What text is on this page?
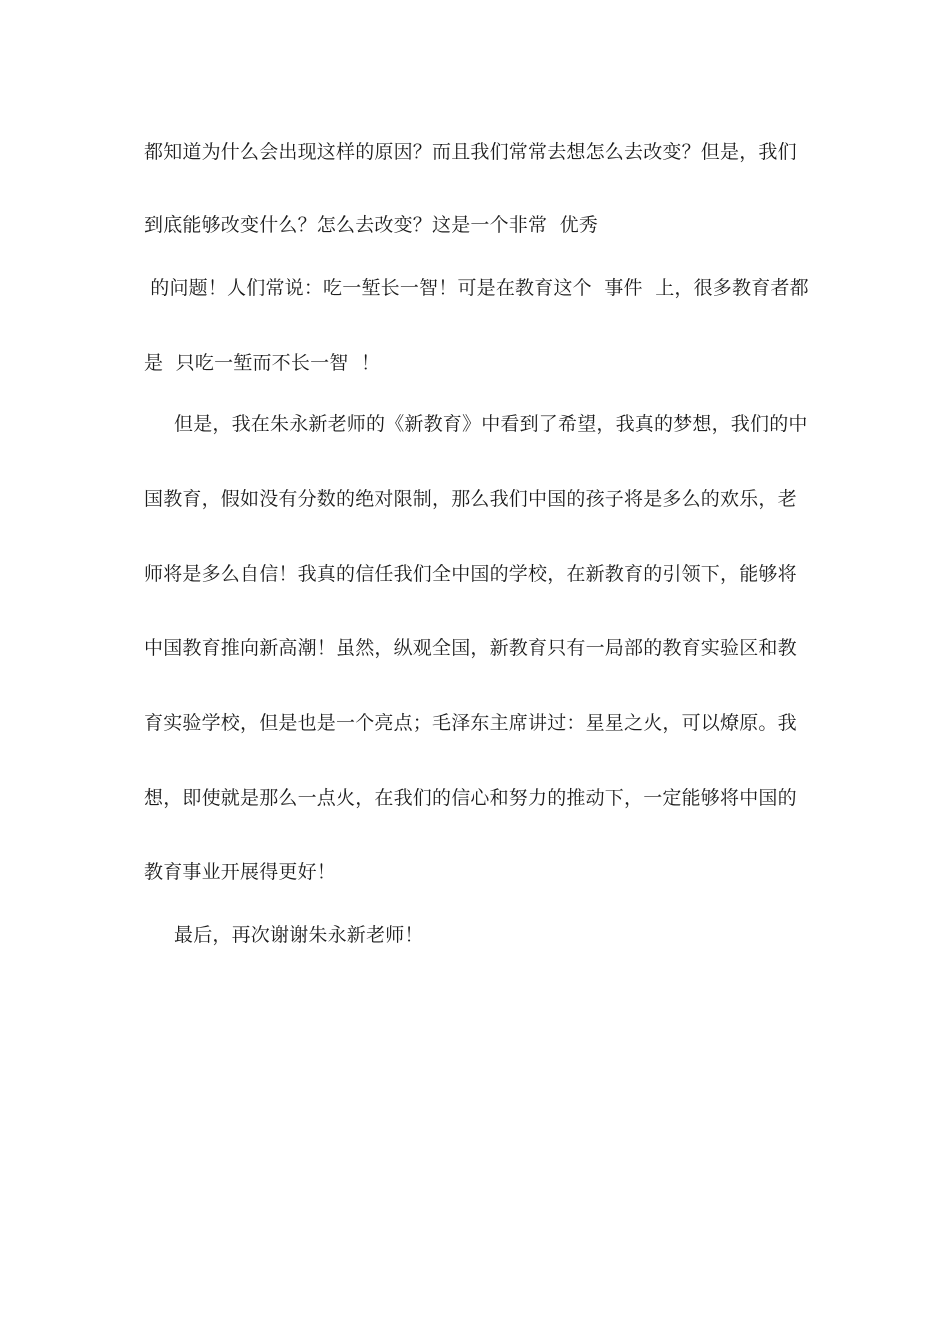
都知道为什么会出现这样的原因？而且我们常常去想怎么去改变？但是，我们
到底能够改变什么？怎么去改变？这是一个非常  优秀
的问题！人们常说：吃一堑长一智！可是在教育这个  事件  上，很多教育者都
是  只吃一堑而不长一智  ！
但是，我在朱永新老师的《新教育》中看到了希望，我真的梦想，我们的中
国教育，假如没有分数的绝对限制，那么我们中国的孩子将是多么的欢乐，老
师将是多么自信！我真的信任我们全中国的学校，在新教育的引领下，能够将
中国教育推向新高潮！虽然，纵观全国，新教育只有一局部的教育实验区和教
育实验学校，但是也是一个亮点；毛泽东主席讲过：星星之火，可以燎原。我
想，即使就是那么一点火，在我们的信心和努力的推动下，一定能够将中国的
教育事业开展得更好！
最后，再次谢谢朱永新老师！
